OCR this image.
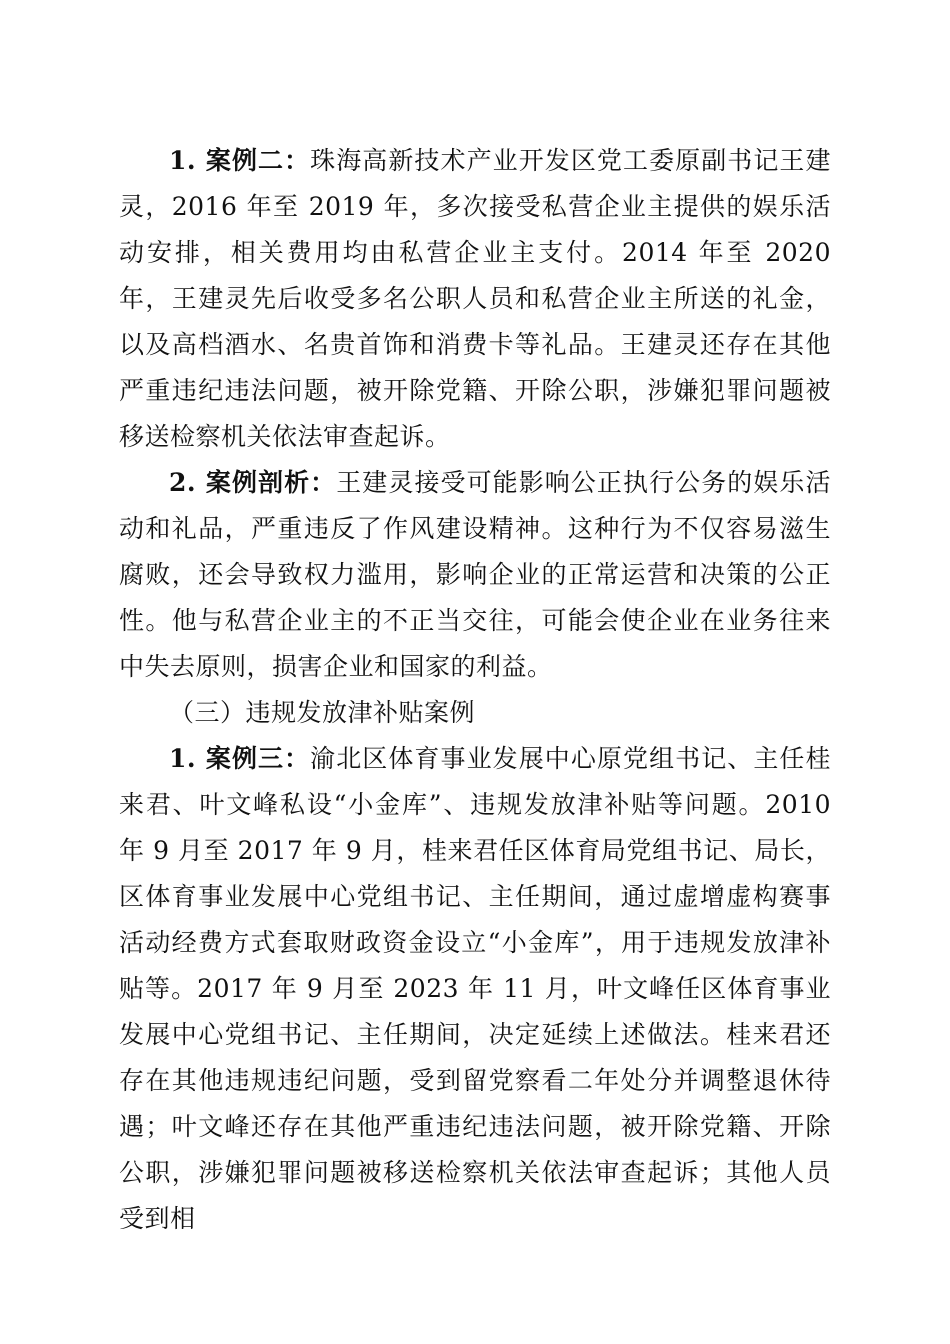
1. 案例二：珠海高新技术产业开发区党工委原副书记王建灵，2016 年至 2019 年，多次接受私营企业主提供的娱乐活动安排，相关费用均由私营企业主支付。2014 年至 2020 年，王建灵先后收受多名公职人员和私营企业主所送的礼金，以及高档酒水、名贵首饰和消费卡等礼品。王建灵还存在其他严重违纪违法问题，被开除党籍、开除公职，涉嫌犯罪问题被移送检察机关依法审查起诉。

2. 案例剖析：王建灵接受可能影响公正执行公务的娱乐活动和礼品，严重违反了作风建设精神。这种行为不仅容易滋生腐败，还会导致权力滥用，影响企业的正常运营和决策的公正性。他与私营企业主的不正当交往，可能会使企业在业务往来中失去原则，损害企业和国家的利益。

（三）违规发放津补贴案例

1. 案例三：渝北区体育事业发展中心原党组书记、主任桂来君、叶文峰私设“小金库”、违规发放津补贴等问题。2010 年 9 月至 2017 年 9 月，桂来君任区体育局党组书记、局长，区体育事业发展中心党组书记、主任期间，通过虚增虚构赛事活动经费方式套取财政资金设立“小金库”，用于违规发放津补贴等。2017 年 9 月至 2023 年 11 月，叶文峰任区体育事业发展中心党组书记、主任期间，决定延续上述做法。桂来君还存在其他违规违纪问题，受到留党察看二年处分并调整退休待遇；叶文峰还存在其他严重违纪违法问题，被开除党籍、开除公职，涉嫌犯罪问题被移送检察机关依法审查起诉；其他人员受到相
